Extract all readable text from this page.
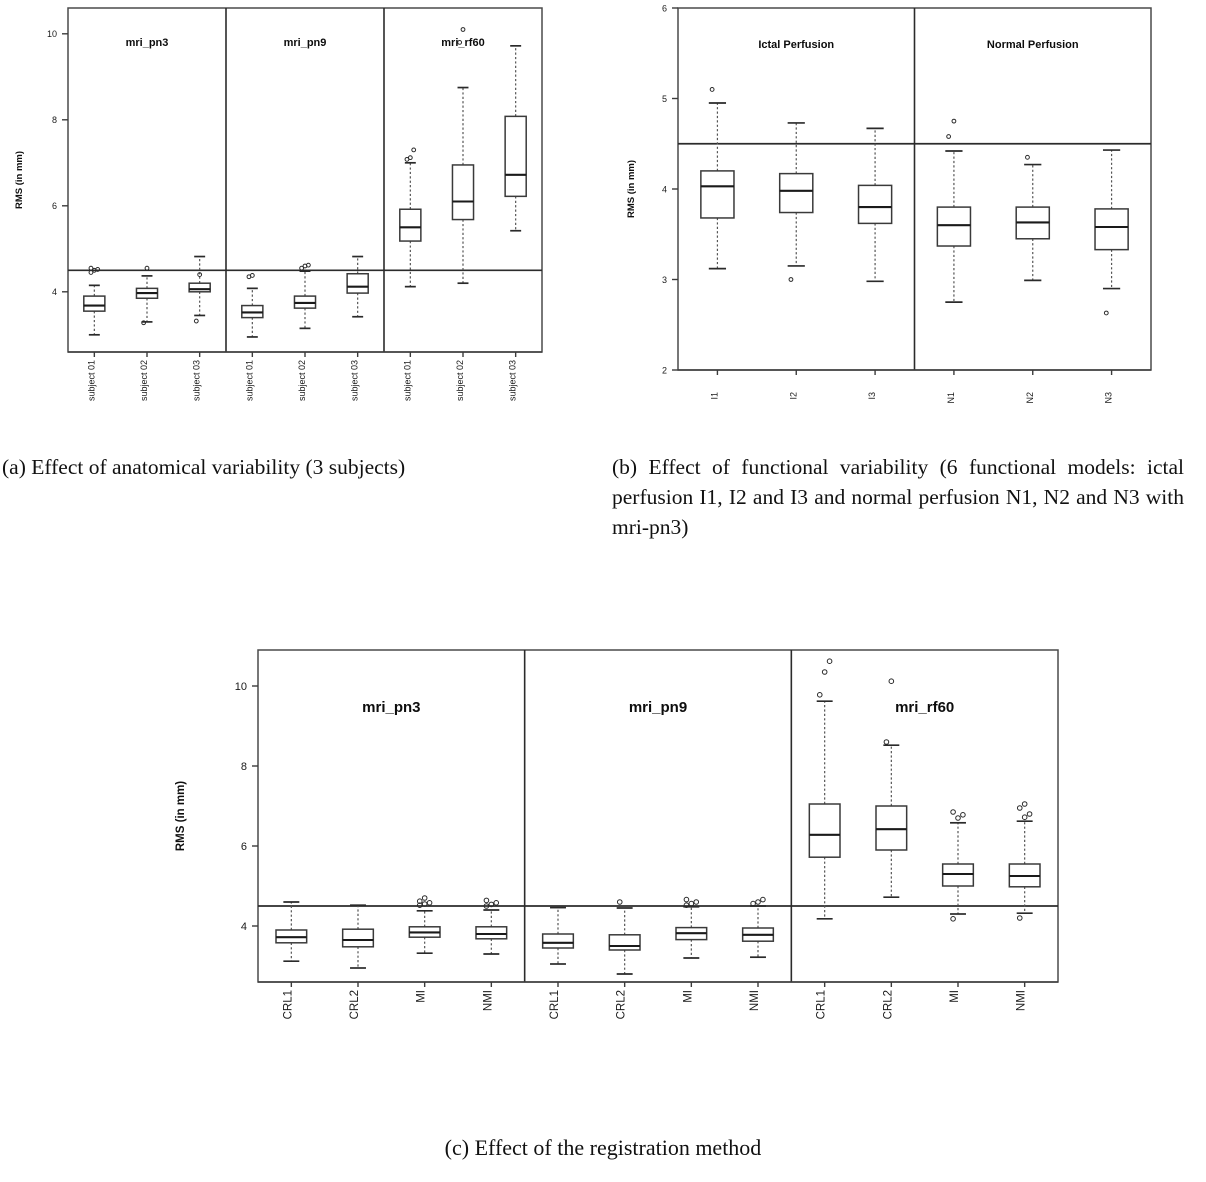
4
6
8
10
RMS (in mm)
mri_pn3	mri_pn9	mri_rf60
subject 01	subject 02	subject 03	subject 01	subject 02	subject 03	subject 01	subject 02	subject 03	2
3
4
5
6
RMS (in mm)
Ictal Perfusion	Normal Perfusion
I1	I2	I3	N1	N2	N3
4
6
8
10
RMS (in mm)
mri_pn3	mri_pn9	mri_rf60
CRL1	CRL2	MI	NMI	CRL1	CRL2	MI	NMI	CRL1	CRL2	MI	NMI
(a) Effect of anatomical variability (3 subjects)	(b) Effect of functional variability (6 functional models: ictal perfusion I1, I2 and I3 and normal perfusion N1, N2 and N3 with mri-pn3)
(c) Effect of the registration method
